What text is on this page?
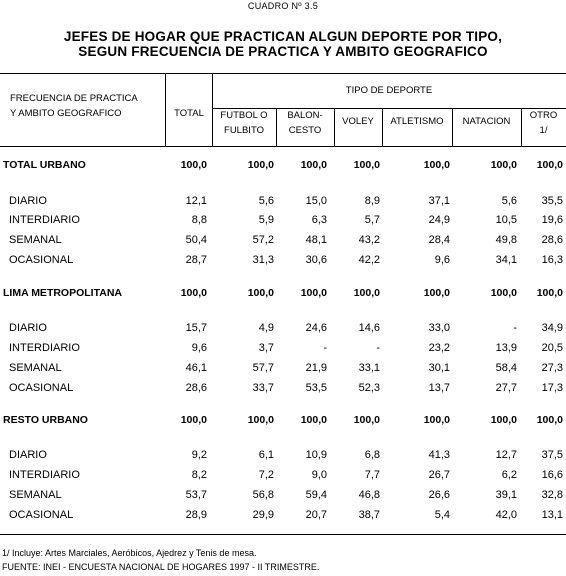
CUADRO Nº 3.5
JEFES DE HOGAR QUE PRACTICAN ALGUN DEPORTE POR TIPO,
SEGUN FRECUENCIA DE PRACTICA Y AMBITO GEOGRAFICO
FRECUENCIA DE PRACTICA
Y AMBITO GEOGRAFICO	TOTAL
TIPO DE DEPORTE
FUTBOL O
FULBITO
BALON-
CESTO
VOLEY	ATLETISMO	NATACION
OTRO
1/
TOTAL URBANO	100,0	100,0	100,0	100,0	100,0	100,0 100,0
DIARIO	12,1	5,6	15,0	8,9	37,1	5,6 35,5
INTERDIARIO	8,8	5,9	6,3	5,7	24,9	10,5 19,6
SEMANAL	50,4	57,2	48,1	43,2	28,4	49,8 28,6
OCASIONAL	28,7	31,3	30,6	42,2	9,6	34,1 16,3
LIMA METROPOLITANA	100,0	100,0	100,0	100,0	100,0	100,0 100,0
DIARIO	15,7	4,9	24,6	14,6	33,0	- 34,9
INTERDIARIO	9,6	3,7	-	-	23,2	13,9 20,5
SEMANAL	46,1	57,7	21,9	33,1	30,1	58,4 27,3
OCASIONAL	28,6	33,7	53,5	52,3	13,7	27,7 17,3
RESTO URBANO	100,0	100,0	100,0	100,0	100,0	100,0 100,0
DIARIO	9,2	6,1	10,9	6,8	41,3	12,7 37,5
INTERDIARIO	8,2	7,2	9,0	7,7	26,7	6,2 16,6
SEMANAL	53,7	56,8	59,4	46,8	26,6	39,1 32,8
OCASIONAL	28,9	29,9	20,7	38,7	5,4	42,0 13,1
1/ Incluye: Artes Marciales, Aeróbicos, Ajedrez y Tenis de mesa.
FUENTE: INEI - ENCUESTA NACIONAL DE HOGARES 1997 - II TRIMESTRE.
